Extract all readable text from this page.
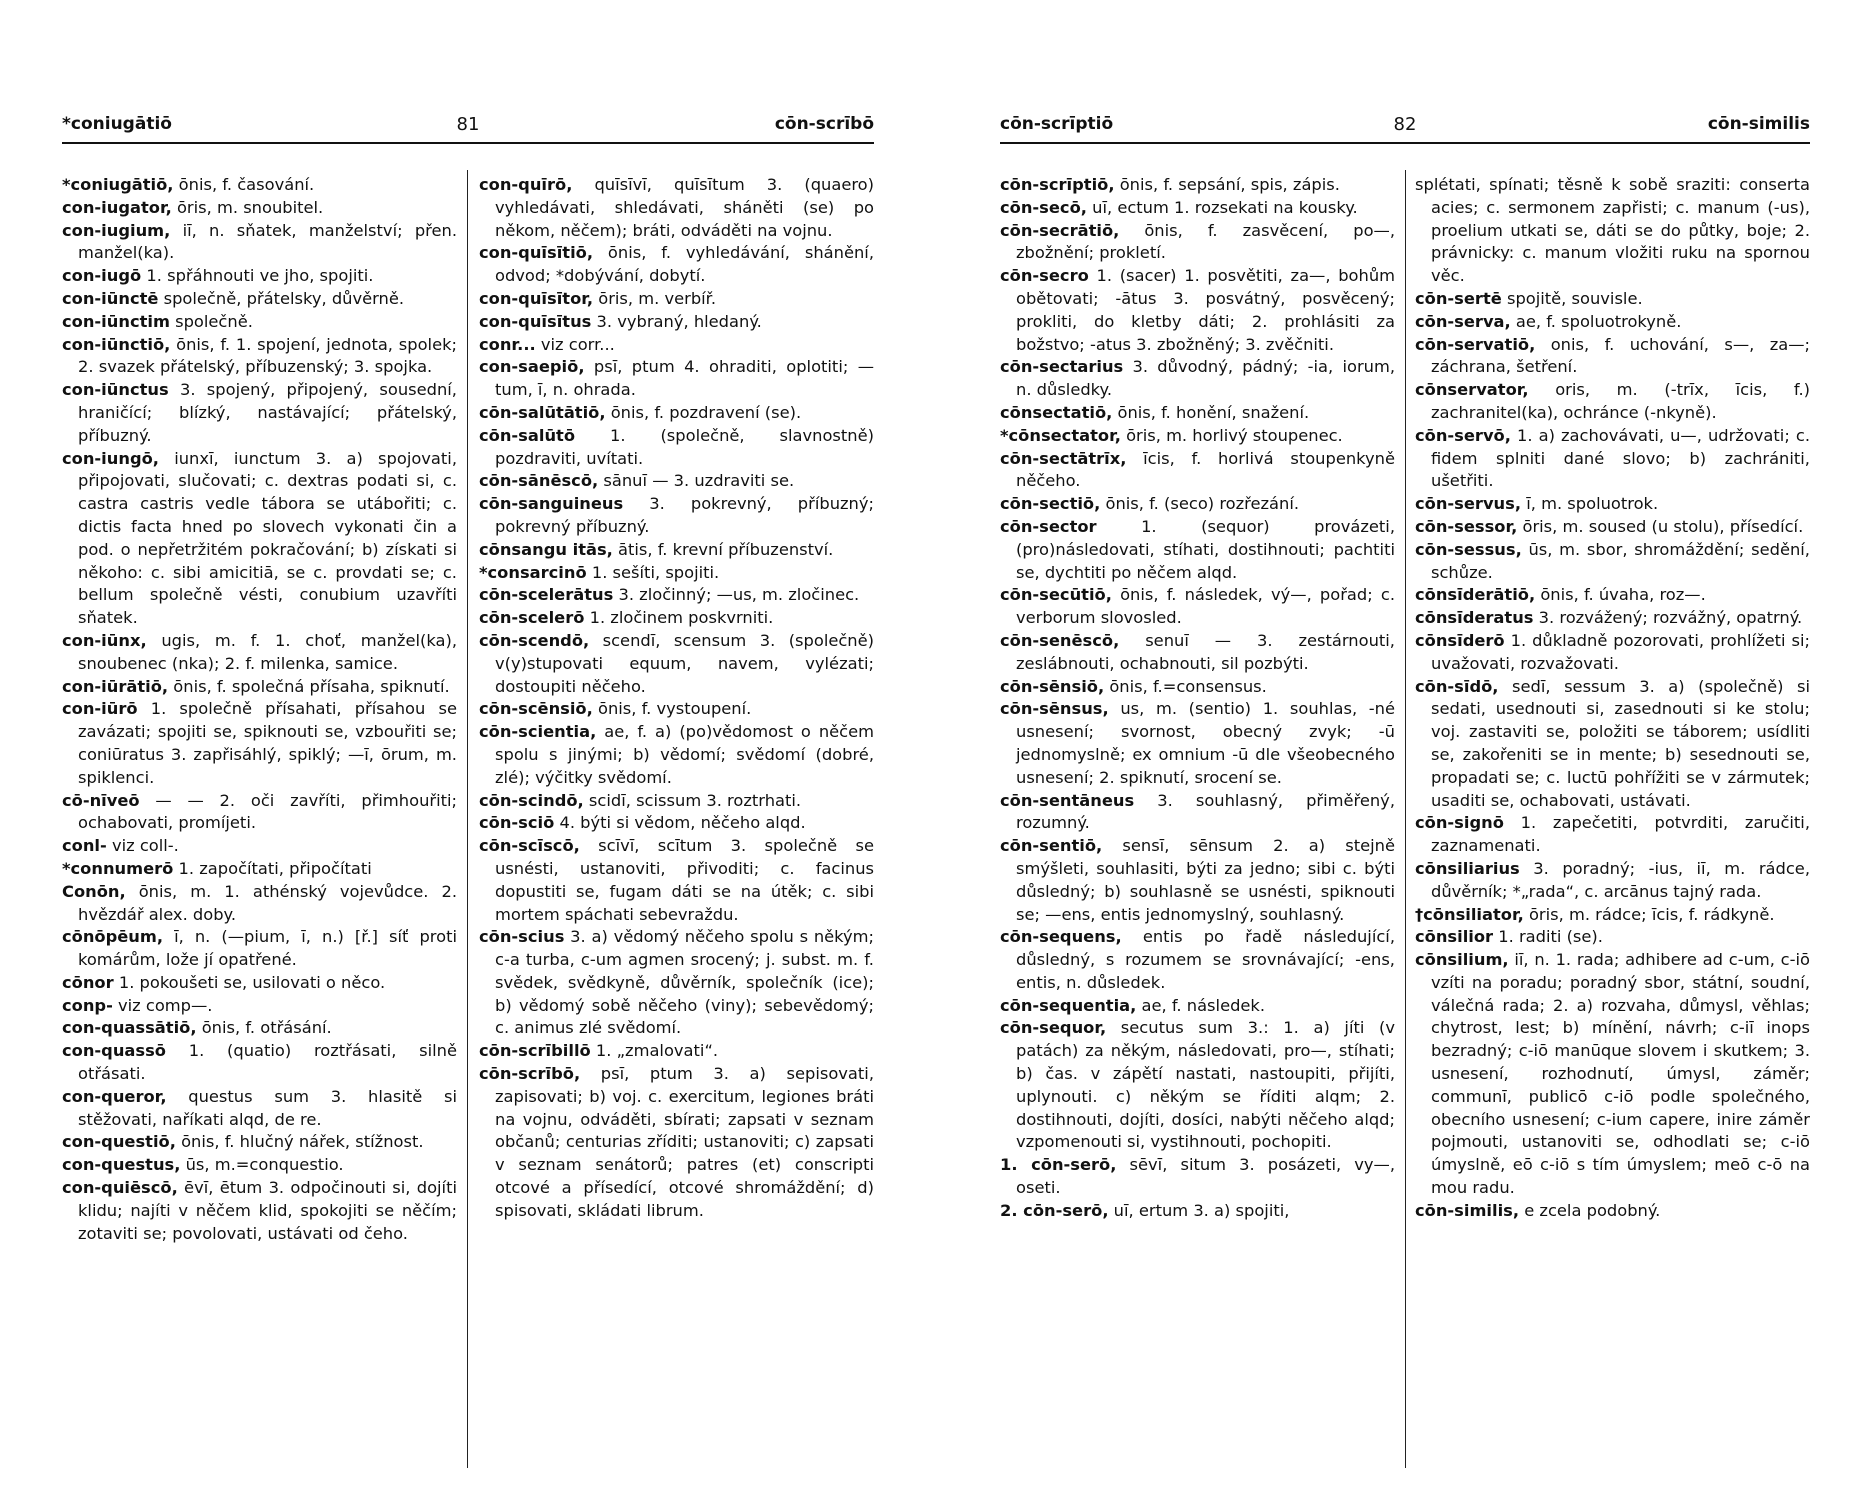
*coniugātiō	81	cōn-scrībō

*coniugātiō, ōnis, f. časování.

con-iugator, ōris, m. snoubitel.

con-iugium, iī, n. sňatek, manželství; přen. manžel(ka).

con-iugō 1. spřáhnouti ve jho, spojiti.

con-iūnctē společně, přátelsky, důvěrně.

con-iūnctim společně.

con-iūnctiō, ōnis, f. 1. spojení, jednota, spolek; 2. svazek přátelský, příbuzenský; 3. spojka.

con-iūnctus 3. spojený, připojený, sousední, hraničící; blízký, nastávající; přátelský, příbuzný.

con-iungō, iunxī, iunctum 3. a) spojovati, připojovati, slučovati; c. dextras podati si, c. castra castris vedle tábora se utábořiti; c. dictis facta hned po slovech vykonati čin a pod. o nepřetržitém pokračování; b) získati si někoho: c. sibi amicitiā, se c. provdati se; c. bellum společně vésti, conubium uzavříti sňatek.

con-iūnx, ugis, m. f. 1. choť, manžel(ka), snoubenec (nka); 2. f. milenka, samice.

con-iūrātiō, ōnis, f. společná přísaha, spiknutí.

con-iūrō 1. společně přísahati, přísahou se zavázati; spojiti se, spiknouti se, vzbouřiti se; coniūratus 3. zapřisáhlý, spiklý; —ī, ōrum, m. spiklenci.

cō-nīveō — — 2. oči zavříti, přimhouřiti; ochabovati, promíjeti.

conl- viz coll-.

*connumerō 1. započítati, připočítati

Conōn, ōnis, m. 1. athénský vojevůdce. 2. hvězdář alex. doby.

cōnōpēum, ī, n. (—pium, ī, n.) [ř.] síť proti komárům, lože jí opatřené.

cōnor 1. pokoušeti se, usilovati o něco.

conp- viz comp—.

con-quassātiō, ōnis, f. otřásání.

con-quassō 1. (quatio) roztřásati, silně otřásati.

con-queror, questus sum 3. hlasitě si stěžovati, naříkati alqd, de re.

con-questiō, ōnis, f. hlučný nářek, stížnost.

con-questus, ūs, m.=conquestio.

con-quiēscō, ēvī, ētum 3. odpočinouti si, dojíti klidu; najíti v něčem klid, spokojiti se něčím; zotaviti se; povolovati, ustávati od čeho.

con-quīrō, quīsīvī, quīsītum 3. (quaero) vyhledávati, shledávati, sháněti (se) po někom, něčem); bráti, odváděti na vojnu.

con-quīsītiō, ōnis, f. vyhledávání, shánění, odvod; *dobývání, dobytí.

con-quīsītor, ōris, m. verbíř.

con-quīsītus 3. vybraný, hledaný.

conr... viz corr...

con-saepiō, psī, ptum 4. ohraditi, oplotiti; —tum, ī, n. ohrada.

cōn-salūtātiō, ōnis, f. pozdravení (se).

cōn-salūtō 1. (společně, slavnostně) pozdraviti, uvítati.

cōn-sānēscō, sānuī — 3. uzdraviti se.

cōn-sanguineus 3. pokrevný, příbuzný; pokrevný příbuzný.

cōnsangu itās, ātis, f. krevní příbuzenství.

*consarcinō 1. sešíti, spojiti.

cōn-scelerātus 3. zločinný; —us, m. zločinec.

cōn-scelerō 1. zločinem poskvrniti.

cōn-scendō, scendī, scensum 3. (společně) v(y)stupovati equum, navem, vylézati; dostoupiti něčeho.

cōn-scēnsiō, ōnis, f. vystoupení.

cōn-scientia, ae, f. a) (po)vědomost o něčem spolu s jinými; b) vědomí; svědomí (dobré, zlé); výčitky svědomí.

cōn-scindō, scidī, scissum 3. roztrhati.

cōn-sciō 4. býti si vědom, něčeho alqd.

cōn-scīscō, scīvī, scītum 3. společně se usnésti, ustanoviti, přivoditi; c. facinus dopustiti se, fugam dáti se na útěk; c. sibi mortem spáchati sebevraždu.

cōn-scius 3. a) vědomý něčeho spolu s někým; c-a turba, c-um agmen srocený; j. subst. m. f. svědek, svědkyně, důvěrník, společník (ice); b) vědomý sobě něčeho (viny); sebevědomý; c. animus zlé svědomí.

cōn-scrībillō 1. „zmalovati“.

cōn-scrībō, psī, ptum 3. a) sepisovati, zapisovati; b) voj. c. exercitum, legiones bráti na vojnu, odváděti, sbírati; zapsati v seznam občanů; centurias zříditi; ustanoviti; c) zapsati v seznam senátorů; patres (et) conscripti otcové a přísedící, otcové shromáždění; d) spisovati, skládati librum.

cōn-scrīptiō	82	cōn-similis

cōn-scrīptiō, ōnis, f. sepsání, spis, zápis.

cōn-secō, uī, ectum 1. rozsekati na kousky.

cōn-secrātiō, ōnis, f. zasvěcení, po—, zbožnění; prokletí.

cōn-secro 1. (sacer) 1. posvětiti, za—, bohům obětovati; -ātus 3. posvátný, posvěcený; prokliti, do kletby dáti; 2. prohlásiti za božstvo; -atus 3. zbožněný; 3. zvěčniti.

cōn-sectarius 3. důvodný, pádný; -ia, iorum, n. důsledky.

cōnsectatiō, ōnis, f. honění, snažení.

*cōnsectator, ōris, m. horlivý stoupenec.

cōn-sectātrīx, īcis, f. horlivá stoupenkyně něčeho.

cōn-sectiō, ōnis, f. (seco) rozřezání.

cōn-sector 1. (sequor) provázeti, (pro)následovati, stíhati, dostihnouti; pachtiti se, dychtiti po něčem alqd.

cōn-secūtiō, ōnis, f. následek, vý—, pořad; c. verborum slovosled.

cōn-senēscō, senuī — 3. zestárnouti, zeslábnouti, ochabnouti, sil pozbýti.

cōn-sēnsiō, ōnis, f.=consensus.

cōn-sēnsus, us, m. (sentio) 1. souhlas, -né usnesení; svornost, obecný zvyk; -ū jednomyslně; ex omnium -ū dle všeobecného usnesení; 2. spiknutí, srocení se.

cōn-sentāneus 3. souhlasný, přiměřený, rozumný.

cōn-sentiō, sensī, sēnsum 2. a) stejně smýšleti, souhlasiti, býti za jedno; sibi c. býti důsledný; b) souhlasně se usnésti, spiknouti se; —ens, entis jednomyslný, souhlasný.

cōn-sequens, entis po řadě následující, důsledný, s rozumem se srovnávající; -ens, entis, n. důsledek.

cōn-sequentia, ae, f. následek.

cōn-sequor, secutus sum 3.: 1. a) jíti (v patách) za někým, následovati, pro—, stíhati; b) čas. v zápětí nastati, nastoupiti, přijíti, uplynouti. c) někým se říditi alqm; 2. dostihnouti, dojíti, dosíci, nabýti něčeho alqd; vzpomenouti si, vystihnouti, pochopiti.

1. cōn-serō, sēvī, situm 3. posázeti, vy—, oseti.

2. cōn-serō, uī, ertum 3. a) spojiti,

splétati, spínati; těsně k sobě sraziti: conserta acies; c. sermonem zapřisti; c. manum (-us), proelium utkati se, dáti se do půtky, boje; 2. právnicky: c. manum vložiti ruku na spornou věc.

cōn-sertē spojitě, souvisle.

cōn-serva, ae, f. spoluotrokyně.

cōn-servatiō, onis, f. uchování, s—, za—; záchrana, šetření.

cōnservator, oris, m. (-trīx, īcis, f.) zachranitel(ka), ochránce (-nkyně).

cōn-servō, 1. a) zachovávati, u—, udržovati; c. fidem splniti dané slovo; b) zachrániti, ušetřiti.

cōn-servus, ī, m. spoluotrok.

cōn-sessor, ōris, m. soused (u stolu), přísedící.

cōn-sessus, ūs, m. sbor, shromáždění; sedění, schůze.

cōnsīderātiō, ōnis, f. úvaha, roz—.

cōnsīderatus 3. rozvážený; rozvážný, opatrný.

cōnsīderō 1. důkladně pozorovati, prohlížeti si; uvažovati, rozvažovati.

cōn-sīdō, sedī, sessum 3. a) (společně) si sedati, usednouti si, zasednouti si ke stolu; voj. zastaviti se, položiti se táborem; usídliti se, zakořeniti se in mente; b) sesednouti se, propadati se; c. luctū pohřížiti se v zármutek; usaditi se, ochabovati, ustávati.

cōn-signō 1. zapečetiti, potvrditi, zaručiti, zaznamenati.

cōnsiliarius 3. poradný; -ius, iī, m. rádce, důvěrník; *„rada“, c. arcānus tajný rada.

†cōnsiliator, ōris, m. rádce; īcis, f. rádkyně.

cōnsilior 1. raditi (se).

cōnsilium, iī, n. 1. rada; adhibere ad c-um, c-iō vzíti na poradu; poradný sbor, státní, soudní, válečná rada; 2. a) rozvaha, důmysl, věhlas; chytrost, lest; b) mínění, návrh; c-iī inops bezradný; c-iō manūque slovem i skutkem; 3. usnesení, rozhodnutí, úmysl, záměr; communī, publicō c-iō podle společného, obecního usnesení; c-ium capere, inire záměr pojmouti, ustanoviti se, odhodlati se; c-iō úmyslně, eō c-iō s tím úmyslem; meō c-ō na mou radu.

cōn-similis, e zcela podobný.
